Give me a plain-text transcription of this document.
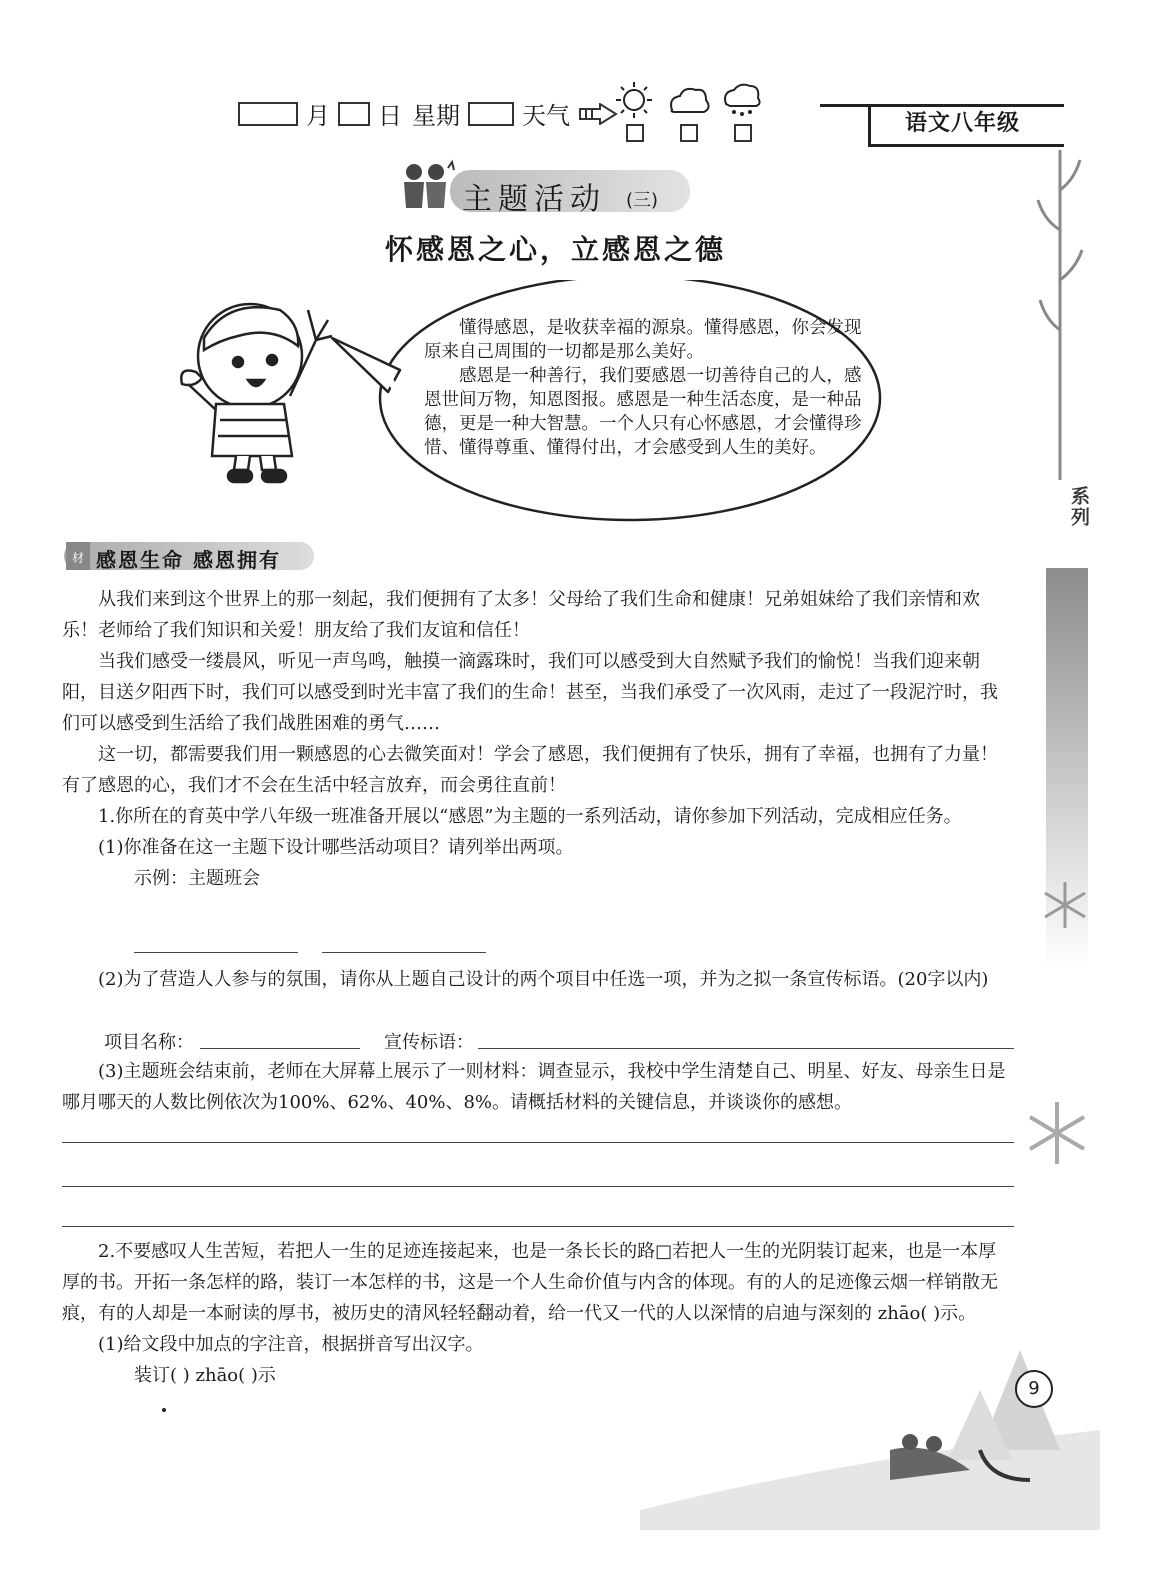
月 日 星期	天气	语文八年级
主题活动 (三)
怀感恩之心，立感恩之德

懂得感恩，是收获幸福的源泉。懂得感恩，你会发现原来自己周围的一切都是那么美好。

感恩是一种善行，我们要感恩一切善待自己的人，感恩世间万物，知恩图报。感恩是一种生活态度，是一种品德，更是一种大智慧。一个人只有心怀感恩，才会懂得珍惜、懂得尊重、懂得付出，才会感受到人生的美好。

系列
材 感恩生命 感恩拥有

从我们来到这个世界上的那一刻起，我们便拥有了太多！父母给了我们生命和健康！兄弟姐妹给了我们亲情和欢乐！老师给了我们知识和关爱！朋友给了我们友谊和信任！

当我们感受一缕晨风，听见一声鸟鸣，触摸一滴露珠时，我们可以感受到大自然赋予我们的愉悦！当我们迎来朝阳，目送夕阳西下时，我们可以感受到时光丰富了我们的生命！甚至，当我们承受了一次风雨，走过了一段泥泞时，我们可以感受到生活给了我们战胜困难的勇气……

这一切，都需要我们用一颗感恩的心去微笑面对！学会了感恩，我们便拥有了快乐，拥有了幸福，也拥有了力量！有了感恩的心，我们才不会在生活中轻言放弃，而会勇往直前！

1.你所在的育英中学八年级一班准备开展以“感恩”为主题的一系列活动，请你参加下列活动，完成相应任务。

(1)你准备在这一主题下设计哪些活动项目？请列举出两项。

示例：主题班会

(2)为了营造人人参与的氛围，请你从上题自己设计的两个项目中任选一项，并为之拟一条宣传标语。(20字以内)

项目名称：	宣传标语：

(3)主题班会结束前，老师在大屏幕上展示了一则材料：调查显示，我校中学生清楚自己、明星、好友、母亲生日是哪月哪天的人数比例依次为100%、62%、40%、8%。请概括材料的关键信息，并谈谈你的感想。

2.不要感叹人生苦短，若把人一生的足迹连接起来，也是一条长长的路□若把人一生的光阴装订起来，也是一本厚厚的书。开拓一条怎样的路，装订一本怎样的书，这是一个人生命价值与内含的体现。有的人的足迹像云烟一样销散无痕，有的人却是一本耐读的厚书，被历史的清风轻轻翻动着，给一代又一代的人以深情的启迪与深刻的 zhāo( )示。

(1)给文段中加点的字注音，根据拼音写出汉字。

装订( ) zhāo( )示

9
